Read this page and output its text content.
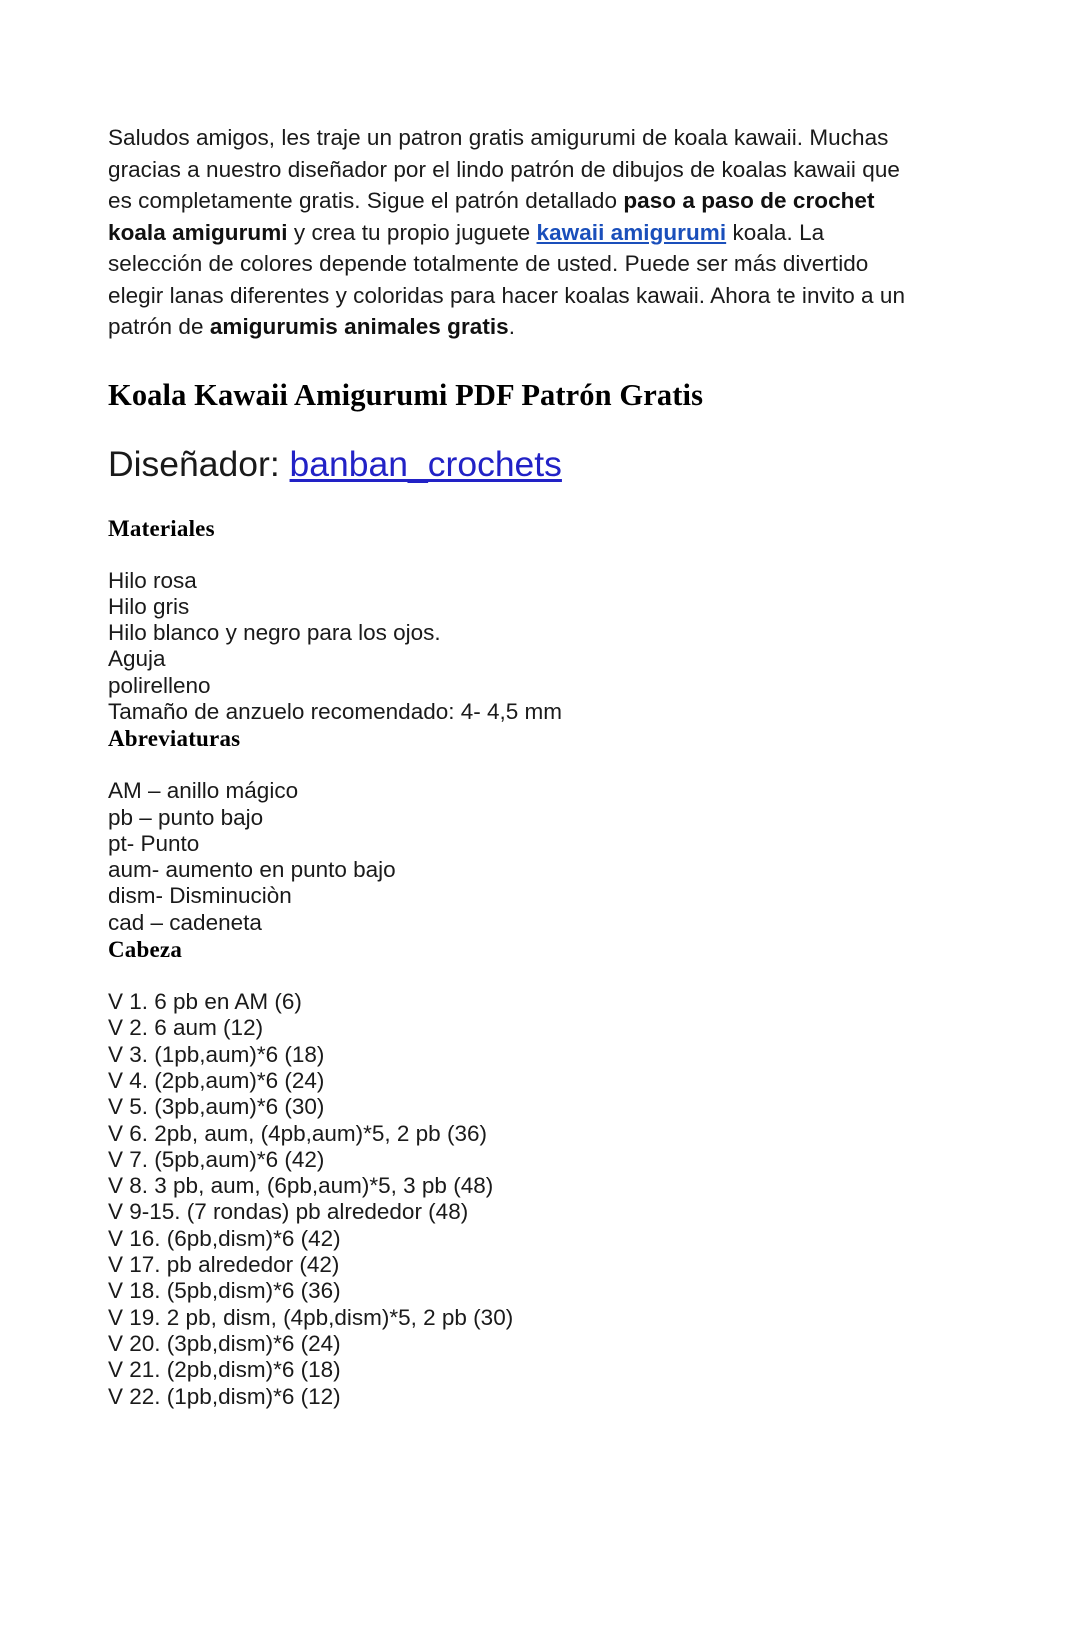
Saludos amigos, les traje un patron gratis amigurumi de koala kawaii. Muchas gracias a nuestro diseñador por el lindo patrón de dibujos de koalas kawaii que es completamente gratis. Sigue el patrón detallado paso a paso de crochet koala amigurumi y crea tu propio juguete kawaii amigurumi koala. La selección de colores depende totalmente de usted. Puede ser más divertido elegir lanas diferentes y coloridas para hacer koalas kawaii. Ahora te invito a un patrón de amigurumis animales gratis.

Koala Kawaii Amigurumi PDF Patrón Gratis
Diseñador: banban_crochets
Materiales
Hilo rosa
Hilo gris
Hilo blanco y negro para los ojos.
Aguja
polirelleno
Tamaño de anzuelo recomendado: 4- 4,5 mm
Abreviaturas
AM – anillo mágico
pb – punto bajo
pt- Punto
aum- aumento en punto bajo
dism- Disminuciòn
cad – cadeneta
Cabeza
V 1. 6 pb en AM (6)
V 2. 6 aum (12)
V 3. (1pb,aum)*6 (18)
V 4. (2pb,aum)*6 (24)
V 5. (3pb,aum)*6 (30)
V 6. 2pb, aum, (4pb,aum)*5, 2 pb (36)
V 7. (5pb,aum)*6 (42)
V 8. 3 pb, aum, (6pb,aum)*5, 3 pb (48)
V 9-15. (7 rondas) pb alrededor (48)
V 16. (6pb,dism)*6 (42)
V 17. pb alrededor (42)
V 18. (5pb,dism)*6 (36)
V 19. 2 pb, dism, (4pb,dism)*5, 2 pb (30)
V 20. (3pb,dism)*6 (24)
V 21. (2pb,dism)*6 (18)
V 22. (1pb,dism)*6 (12)
